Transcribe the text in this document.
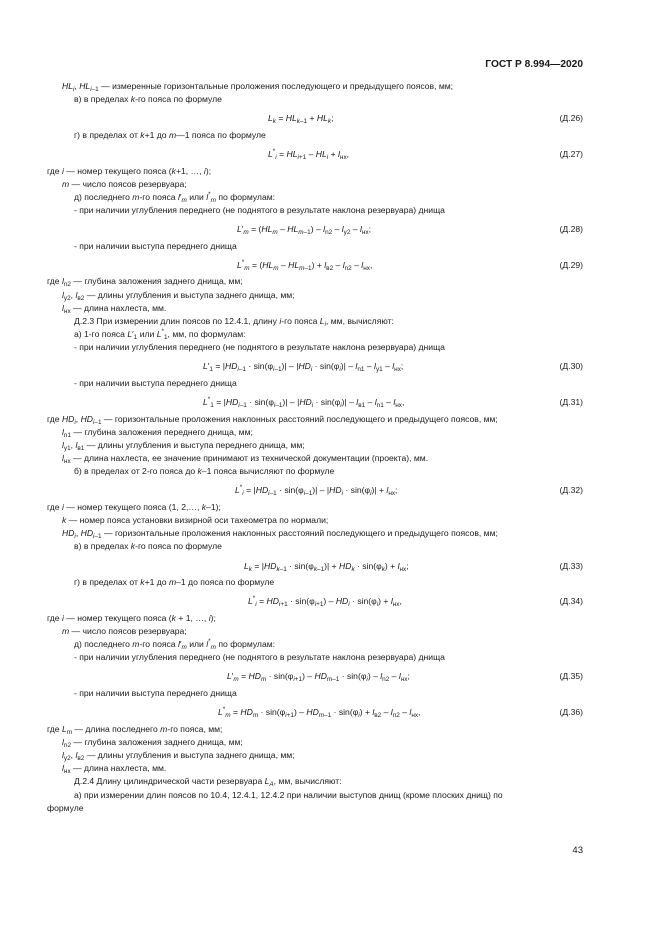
ГОСТ Р 8.994—2020
$HL_i$, $HL_{i-1}$ — измеренные горизонтальные проложения последующего и предыдущего поясов, мм;
в) в пределах k-го пояса по формуле
$L_k = HL_{k-1} + HL_k$;	(Д.26)
г) в пределах от k+1 до m—1 пояса по формуле
$L^*_i = HL_{i+1} - HL_i + l_{нх}$,	(Д.27)
где i — номер текущего пояса (k+1, …, i);
m — число поясов резервуара;
д) последнего m-го пояса $l'_m$ или $l^*_m$ по формулам:
- при наличии углубления переднего (не поднятого в результате наклона резервуара) днища
$L'_m = (HL_m - HL_{m-1}) - l_{n2} - l_{y2} - l_{нх}$;	(Д.28)
- при наличии выступа переднего днища
$L^*_m = (HL_m - HL_{m-1}) + l_{в2} - l_{n2} - l_{нх}$,	(Д.29)
где $l_{n2}$ — глубина заложения заднего днища, мм;
$l_{y2}$, $l_{в2}$ — длины углубления и выступа заднего днища, мм;
$l_{нх}$ — длина нахлеста, мм.
Д.2.3 При измерении длин поясов по 12.4.1, длину i-го пояса $L_i$, мм, вычисляют:
а) 1-го пояса $L'_1$ или $L^*_1$, мм, по формулам:
- при наличии углубления переднего (не поднятого в результате наклона резервуара) днища
$L'_1 = |HD_{i-1} \cdot \sin(\varphi_{i-1})| - |HD_i \cdot \sin(\varphi_i)| - l_{n1} - l_{y1} - l_{нх}$;	(Д.30)
- при наличии выступа переднего днища
$L^*_1 = |HD_{i-1} \cdot \sin(\varphi_{i-1})| - |HD_i \cdot \sin(\varphi_i)| - l_{в1} - l_{n1} - l_{нх}$,	(Д.31)
где $HD_i$, $HD_{i-1}$ — горизонтальные проложения наклонных расстояний последующего и предыдущего поясов, мм;
$l_{n1}$ — глубина заложения переднего днища, мм;
$l_{y1}$, $l_{в1}$ — длины углубления и выступа переднего днища, мм;
$l_{нх}$ — длина нахлеста, ее значение принимают из технической документации (проекта), мм.
б) в пределах от 2-го пояса до k–1 пояса вычисляют по формуле
$L^*_i = |HD_{i-1} \cdot \sin(\varphi_{i-1})| - |HD_i \cdot \sin(\varphi_i)| + l_{нх}$;	(Д.32)
где i — номер текущего пояса (1, 2,…, k–1);
k — номер пояса установки визирной оси тахеометра по нормали;
$HD_i$, $HD_{i-1}$ — горизонтальные проложения наклонных расстояний последующего и предыдущего поясов, мм;
в) в пределах k-го пояса по формуле
$L_k = |HD_{k-1} \cdot \sin(\varphi_{k-1})| + HD_k \cdot \sin(\varphi_k) + l_{нх}$;	(Д.33)
г) в пределах от k+1 до m–1 до пояса по формуле
$L^*_i = HD_{i+1} \cdot \sin(\varphi_{i+1}) - HD_i \cdot \sin(\varphi_i) + l_{нх}$,	(Д.34)
где i — номер текущего пояса (k + 1, …, i);
m — число поясов резервуара;
д) последнего m-го пояса $l'_m$ или $l^*_m$ по формулам:
- при наличии углубления переднего (не поднятого в результате наклона резервуара) днища
$L'_m = HD_m \cdot \sin(\varphi_{i+1}) - HD_{m-1} \cdot \sin(\varphi_i) - l_{n2} - l_{нх}$;	(Д.35)
- при наличии выступа переднего днища
$L^*_m = HD_m \cdot \sin(\varphi_{i+1}) - HD_{m-1} \cdot \sin(\varphi_i) + l_{в2} - l_{n2} - l_{нх}$,	(Д.36)
где $L_m$ — длина последнего m-го пояса, мм;
$l_{n2}$ — глубина заложения заднего днища, мм;
$l_{y2}$, $l_{в2}$ — длины углубления и выступа заднего днища, мм;
$l_{нх}$ — длина нахлеста, мм.
Д.2.4 Длину цилиндрической части резервуара $L_A$, мм, вычисляют:
а) при измерении длин поясов по 10.4, 12.4.1, 12.4.2 при наличии выступов днищ (кроме плоских днищ) по
формуле
43
